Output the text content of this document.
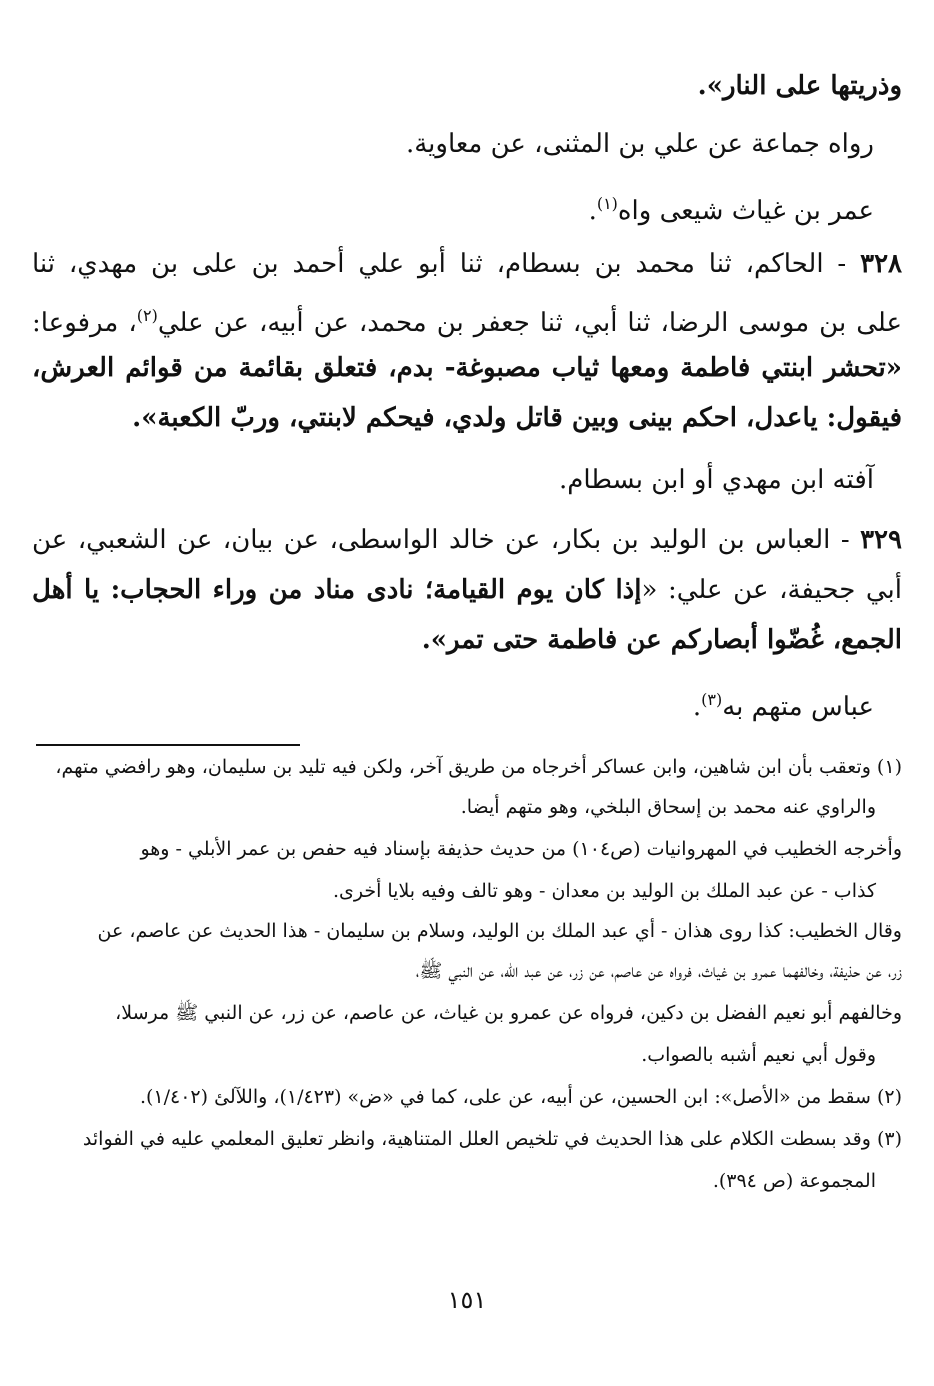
وذريتها على النار».
رواه جماعة عن علي بن المثنى، عن معاوية.
عمر بن غياث شيعى واه$^{(١)}$.
٣٢٨ - الحاكم، ثنا محمد بن بسطام، ثنا أبو علي أحمد بن على بن مهدي، ثنا
على بن موسى الرضا، ثنا أبي، ثنا جعفر بن محمد، عن أبيه، عن علي$^{(٢)}$، مرفوعا:
«تحشر ابنتي فاطمة ومعها ثياب مصبوغة- بدم، فتعلق بقائمة من قوائم العرش،
فيقول: ياعدل، احكم بينى وبين قاتل ولدي، فيحكم لابنتي، وربّ الكعبة».
آفته ابن مهدي أو ابن بسطام.
٣٢٩ - العباس بن الوليد بن بكار، عن خالد الواسطى، عن بيان، عن الشعبي، عن
أبي جحيفة، عن علي: «إذا كان يوم القيامة؛ نادى مناد من وراء الحجاب: يا أهل
الجمع، غُضّوا أبصاركم عن فاطمة حتى تمر».
عباس متهم به$^{(٣)}$.
(١) وتعقب بأن ابن شاهين، وابن عساكر أخرجاه من طريق آخر، ولكن فيه تليد بن سليمان، وهو رافضي متهم،
والراوي عنه محمد بن إسحاق البلخي، وهو متهم أيضا.
وأخرجه الخطيب في المهروانيات (ص١٠٤) من حديث حذيفة بإسناد فيه حفص بن عمر الأبلي - وهو
كذاب - عن عبد الملك بن الوليد بن معدان - وهو تالف وفيه بلايا أخرى.
وقال الخطيب: كذا روى هذان - أي عبد الملك بن الوليد، وسلام بن سليمان - هذا الحديث عن عاصم، عن
زر، عن حذيفة، وخالفهما عمرو بن غياث، فرواه عن عاصم، عن زر، عن عبد الله، عن النبي ﷺ،
وخالفهم أبو نعيم الفضل بن دكين، فرواه عن عمرو بن غياث، عن عاصم، عن زر، عن النبي ﷺ مرسلا،
وقول أبي نعيم أشبه بالصواب.
(٢) سقط من «الأصل»: ابن الحسين، عن أبيه، عن على، كما في «ض» (١/٤٢٣)، واللآلئ (١/٤٠٢).
(٣) وقد بسطت الكلام على هذا الحديث في تلخيص العلل المتناهية، وانظر تعليق المعلمي عليه في الفوائد
المجموعة (ص ٣٩٤).
١٥١
